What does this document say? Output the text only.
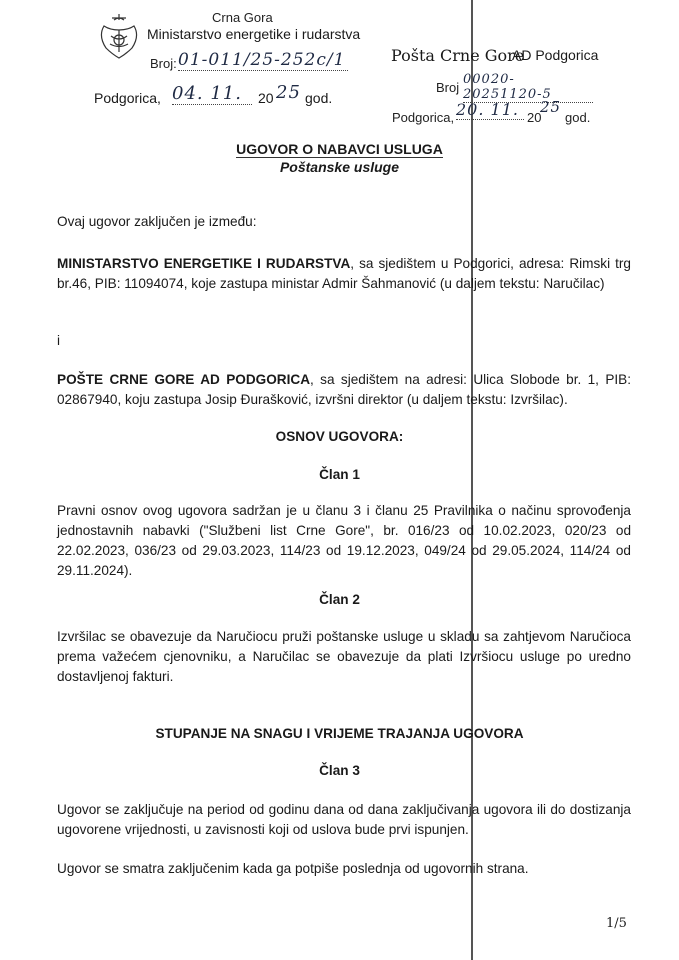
Crna Gora
Ministarstvo energetike i rudarstva
Broj: 01-011/25-252c/1
Podgorica, 04. 11.	20 25 god.
Pošta Crne Gore
AD Podgorica
Broj
00020-20251120-5
Podgorica, 20. 11. 20
25
god.
UGOVOR O NABAVCI USLUGA
Poštanske usluge
Ovaj ugovor zaključen je između:
MINISTARSTVO ENERGETIKE I RUDARSTVA, sa sjedištem u Podgorici, adresa: Rimski trg br.46, PIB: 11094074, koje zastupa ministar Admir Šahmanović (u daljem tekstu: Naručilac)
i
POŠTE CRNE GORE AD PODGORICA, sa sjedištem na adresi: Ulica Slobode br. 1, PIB: 02867940, koju zastupa Josip Đurašković, izvršni direktor (u daljem tekstu: Izvršilac).
OSNOV UGOVORA:
Član 1
Pravni osnov ovog ugovora sadržan je u članu 3 i članu 25 Pravilnika o načinu sprovođenja jednostavnih nabavki ("Službeni list Crne Gore", br. 016/23 od 10.02.2023, 020/23 od 22.02.2023, 036/23 od 29.03.2023, 114/23 od 19.12.2023, 049/24 od 29.05.2024, 114/24 od 29.11.2024).
Član 2
Izvršilac se obavezuje da Naručiocu pruži poštanske usluge u skladu sa zahtjevom Naručioca prema važećem cjenovniku, a Naručilac se obavezuje da plati Izvršiocu usluge po uredno dostavljenoj fakturi.
STUPANJE NA SNAGU I VRIJEME TRAJANJA UGOVORA
Član 3
Ugovor se zaključuje na period od godinu dana od dana zaključivanja ugovora ili do dostizanja ugovorene vrijednosti, u zavisnosti koji od uslova bude prvi ispunjen.
Ugovor se smatra zaključenim kada ga potpiše poslednja od ugovornih strana.
1/5
